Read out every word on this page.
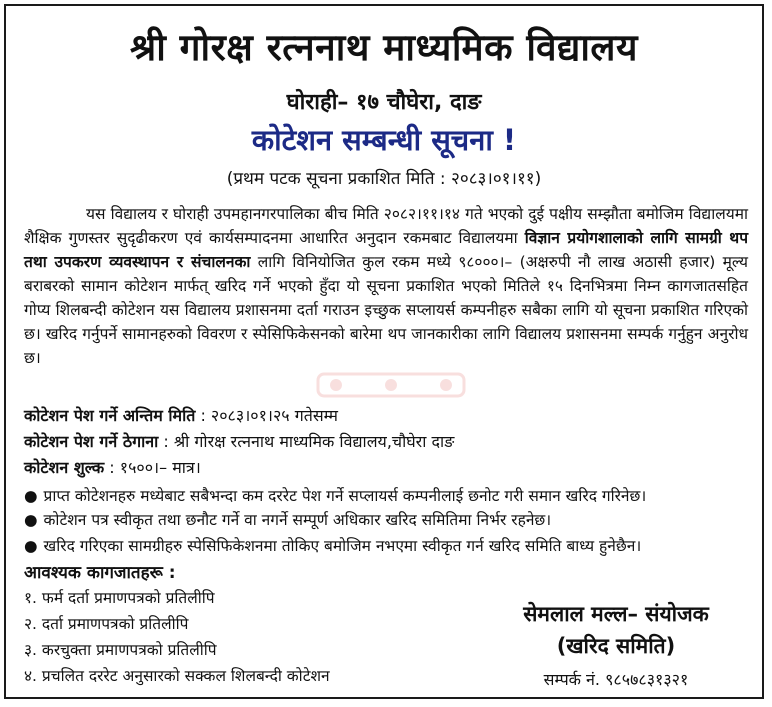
श्री गोरक्ष रत्ननाथ माध्यमिक विद्यालय
घोराही– १७ चौघेरा, दाङ
कोटेशन सम्बन्धी सूचना !
(प्रथम पटक सूचना प्रकाशित मिति : २०८३।०१।११)
यस विद्यालय र घोराही उपमहानगरपालिका बीच मिति २०८२।११।१४ गते भएको दुई पक्षीय सम्झौता बमोजिम विद्यालयमा शैक्षिक गुणस्तर सुदृढीकरण एवं कार्यसम्पादनमा आधारित अनुदान रकमबाट विद्यालयमा विज्ञान प्रयोगशालाको लागि सामग्री थप तथा उपकरण व्यवस्थापन र संचालनका लागि विनियोजित कुल रकम मध्ये ९८०००।– (अक्षरुपी नौ लाख अठासी हजार) मूल्य बराबरको सामान कोटेशन मार्फत् खरिद गर्ने भएको हुँदा यो सूचना प्रकाशित भएको मितिले १५ दिनभित्रमा निम्न कागजातसहित गोप्य शिलबन्दी कोटेशन यस विद्यालय प्रशासनमा दर्ता गराउन इच्छुक सप्लायर्स कम्पनीहरु सबैका लागि यो सूचना प्रकाशित गरिएको छ। खरिद गर्नुपर्ने सामानहरुको विवरण र स्पेसिफिकेसनको बारेमा थप जानकारीका लागि विद्यालय प्रशासनमा सम्पर्क गर्नुहुन अनुरोध छ।
कोटेशन पेश गर्ने अन्तिम मिति : २०८३।०१।२५ गतेसम्म
कोटेशन पेश गर्ने ठेगाना : श्री गोरक्ष रत्ननाथ माध्यमिक विद्यालय,चौघेरा दाङ
कोटेशन शुल्क : १५००।– मात्र।
● प्राप्त कोटेशनहरु मध्येबाट सबैभन्दा कम दररेट पेश गर्ने सप्लायर्स कम्पनीलाई छनोट गरी समान खरिद गरिनेछ।
● कोटेशन पत्र स्वीकृत तथा छनौट गर्ने वा नगर्ने सम्पूर्ण अधिकार खरिद समितिमा निर्भर रहनेछ।
● खरिद गरिएका सामग्रीहरु स्पेसिफिकेशनमा तोकिए बमोजिम नभएमा स्वीकृत गर्न खरिद समिति बाध्य हुनेछैन।
आवश्यक कागजातहरू :
१. फर्म दर्ता प्रमाणपत्रको प्रतिलीपि
२. दर्ता प्रमाणपत्रको प्रतिलीपि
३. करचुक्ता प्रमाणपत्रको प्रतिलीपि
४. प्रचलित दररेट अनुसारको सक्कल शिलबन्दी कोटेशन
सेमलाल मल्ल– संयोजक
(खरिद समिति)
सम्पर्क नं. ९८५७८३१३२१
